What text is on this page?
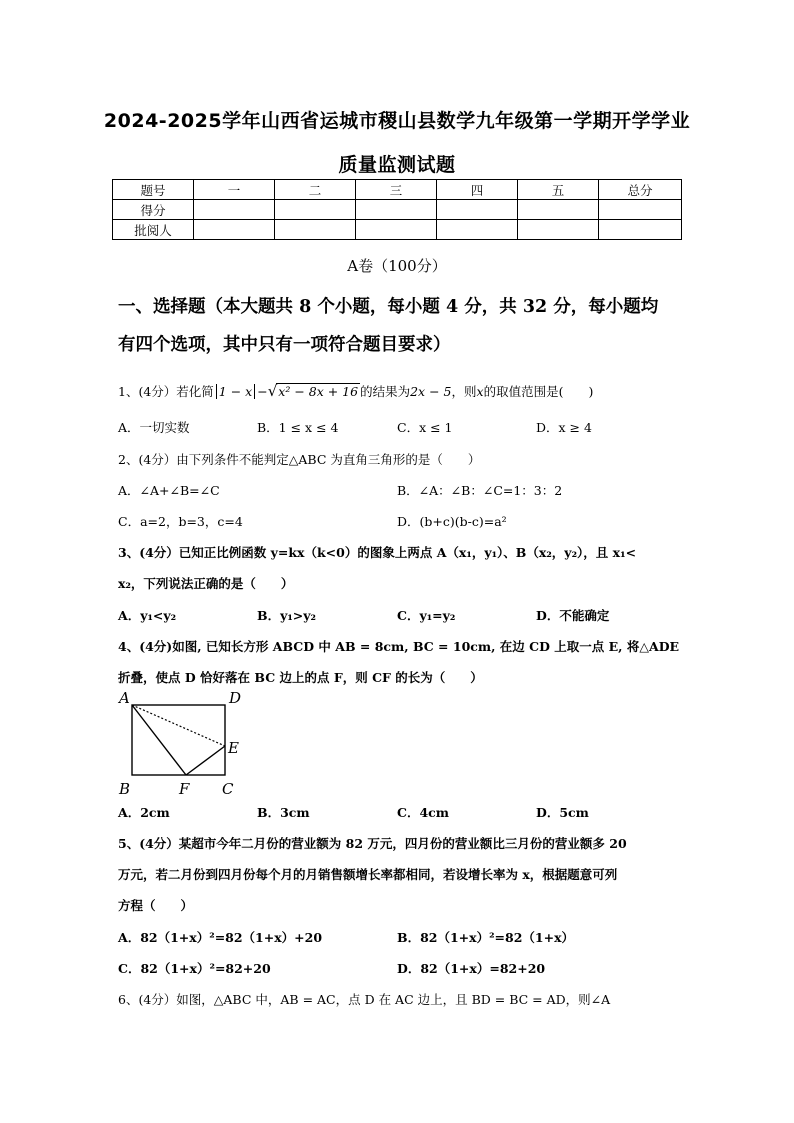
2024-2025学年山西省运城市稷山县数学九年级第一学期开学学业
质量监测试题
题号	一	二	三	四	五	总分
得分						
批阅人						
A卷（100分）
一、选择题（本大题共 8 个小题，每小题 4 分，共 32 分，每小题均
有四个选项，其中只有一项符合题目要求）
1、(4分）若化简 1 − x −√x² − 8x + 16 的结果为2x − 5，则x的取值范围是(　　)
A．一切实数	B．1 ≤ x ≤ 4	C．x ≤ 1	D．x ≥ 4
2、(4分）由下列条件不能判定△ABC 为直角三角形的是（　　）
A．∠A+∠B=∠C	B．∠A：∠B：∠C=1：3：2
C．a=2，b=3，c=4	D．(b+c)(b-c)=a²
3、(4分）已知正比例函数 y=kx（k<0）的图象上两点 A（x₁，y₁）、B（x₂，y₂），且 x₁<
x₂，下列说法正确的是（　　）
A．y₁<y₂	B．y₁>y₂	C．y₁=y₂	D．不能确定
4、(4分)如图, 已知长方形 ABCD 中 AB = 8cm, BC = 10cm, 在边 CD 上取一点 E, 将△ADE
折叠，使点 D 恰好落在 BC 边上的点 F，则 CF 的长为（　　）
A	D
E
B	F C
A．2cm	B．3cm	C．4cm	D．5cm
5、(4分）某超市今年二月份的营业额为 82 万元，四月份的营业额比三月份的营业额多 20
万元，若二月份到四月份每个月的月销售额增长率都相同，若设增长率为 x，根据题意可列
方程（　　）
A．82（1+x）²=82（1+x）+20	B．82（1+x）²=82（1+x）
C．82（1+x）²=82+20	D．82（1+x）=82+20
6、(4分）如图，△ABC 中，AB = AC，点 D 在 AC 边上，且 BD = BC = AD，则∠A
